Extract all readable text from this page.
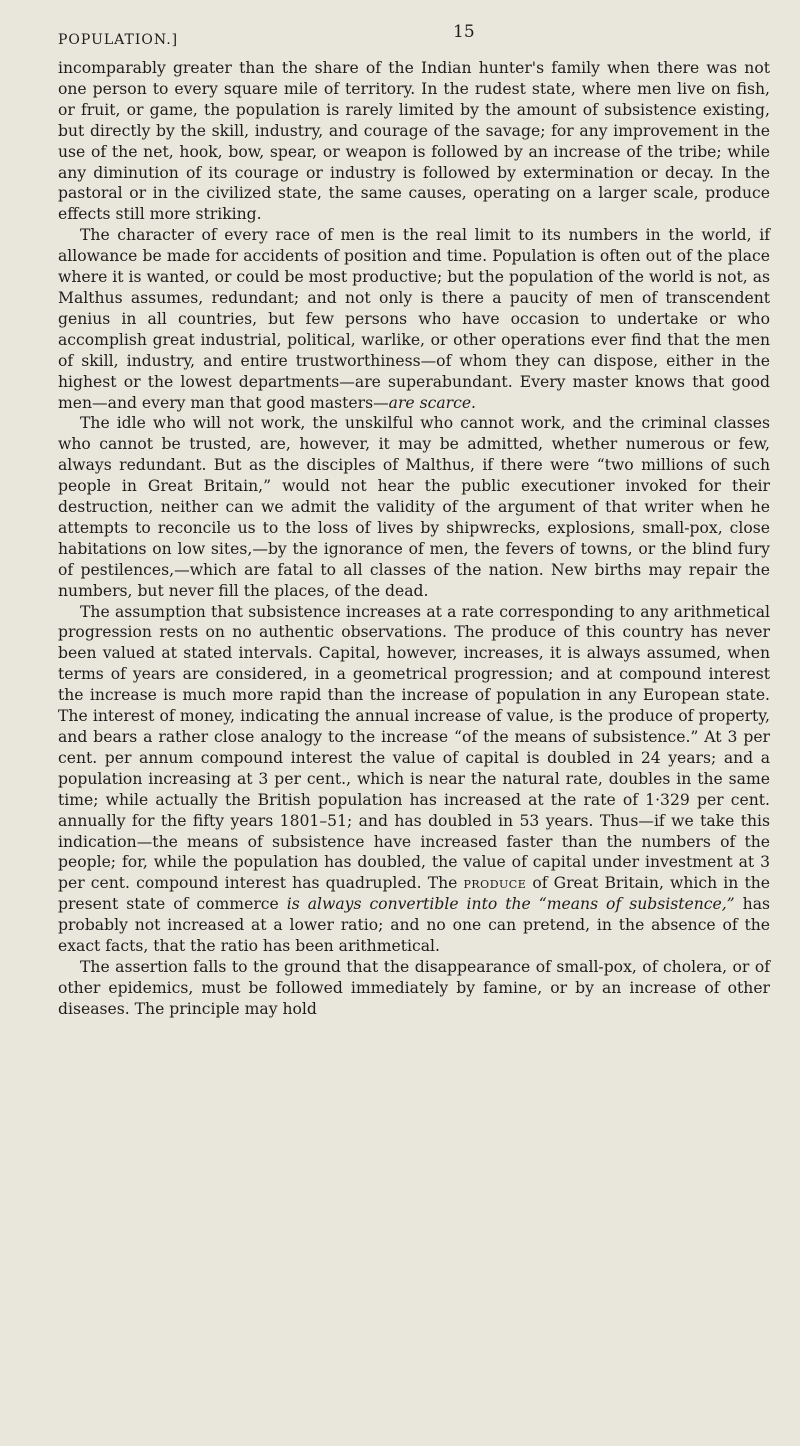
POPULATION.]	15

incomparably greater than the share of the Indian hunter's family when there was not one person to every square mile of territory. In the rudest state, where men live on fish, or fruit, or game, the population is rarely limited by the amount of subsistence existing, but directly by the skill, industry, and courage of the savage; for any improvement in the use of the net, hook, bow, spear, or weapon is followed by an increase of the tribe; while any diminution of its courage or industry is followed by extermination or decay. In the pastoral or in the civilized state, the same causes, operating on a larger scale, produce effects still more striking.

The character of every race of men is the real limit to its numbers in the world, if allowance be made for accidents of position and time. Population is often out of the place where it is wanted, or could be most productive; but the population of the world is not, as Malthus assumes, redundant; and not only is there a paucity of men of transcendent genius in all countries, but few persons who have occasion to undertake or who accomplish great industrial, political, warlike, or other operations ever find that the men of skill, industry, and entire trustworthiness—of whom they can dispose, either in the highest or the lowest departments—are superabundant. Every master knows that good men—and every man that good masters—are scarce.

The idle who will not work, the unskilful who cannot work, and the criminal classes who cannot be trusted, are, however, it may be admitted, whether numerous or few, always redundant. But as the disciples of Malthus, if there were “two millions of such people in Great Britain,” would not hear the public executioner invoked for their destruction, neither can we admit the validity of the argument of that writer when he attempts to reconcile us to the loss of lives by shipwrecks, explosions, small-pox, close habitations on low sites,—by the ignorance of men, the fevers of towns, or the blind fury of pestilences,—which are fatal to all classes of the nation. New births may repair the numbers, but never fill the places, of the dead.

The assumption that subsistence increases at a rate corresponding to any arithmetical progression rests on no authentic observations. The produce of this country has never been valued at stated intervals. Capital, however, increases, it is always assumed, when terms of years are considered, in a geometrical progression; and at compound interest the increase is much more rapid than the increase of population in any European state. The interest of money, indicating the annual increase of value, is the produce of property, and bears a rather close analogy to the increase “of the means of subsistence.” At 3 per cent. per annum compound interest the value of capital is doubled in 24 years; and a population increasing at 3 per cent., which is near the natural rate, doubles in the same time; while actually the British population has increased at the rate of 1·329 per cent. annually for the fifty years 1801–51; and has doubled in 53 years. Thus—if we take this indication—the means of subsistence have increased faster than the numbers of the people; for, while the population has doubled, the value of capital under investment at 3 per cent. compound interest has quadrupled. The produce of Great Britain, which in the present state of commerce is always convertible into the “means of subsistence,” has probably not increased at a lower ratio; and no one can pretend, in the absence of the exact facts, that the ratio has been arithmetical.

The assertion falls to the ground that the disappearance of small-pox, of cholera, or of other epidemics, must be followed immediately by famine, or by an increase of other diseases. The principle may hold
